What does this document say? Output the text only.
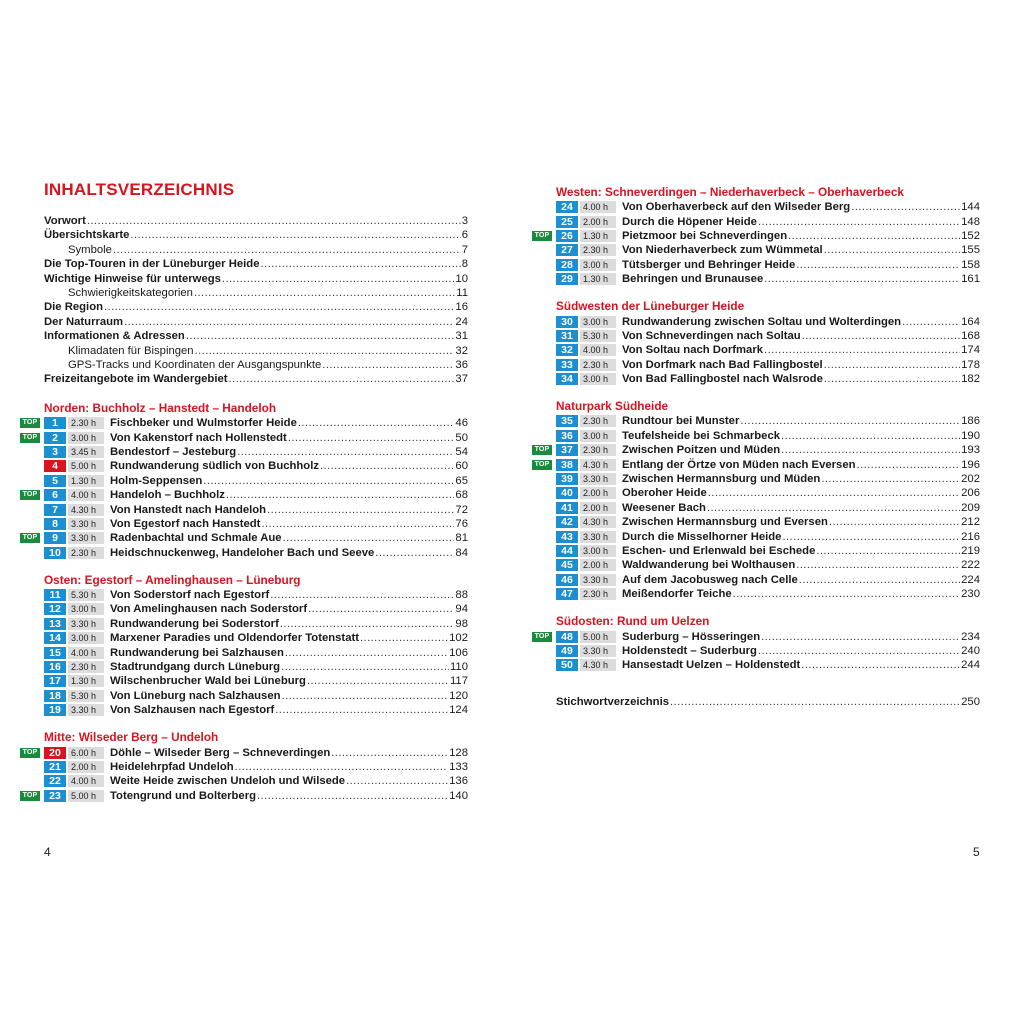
INHALTSVERZEICHNIS
Vorwort .....	3
Übersichtskarte .....	6
Symbole .....	7
Die Top-Touren in der Lüneburger Heide .....	8
Wichtige Hinweise für unterwegs .....	10
Schwierigkeitskategorien .....	11
Die Region .....	16
Der Naturraum .....	24
Informationen & Adressen .....	31
Klimadaten für Bispingen .....	32
GPS-Tracks und Koordinaten der Ausgangspunkte .....	36
Freizeitangebote im Wandergebiet .....	37
Norden: Buchholz – Hanstedt – Handeloh
TOP	1	2.30 h	Fischbeker und Wulmstorfer Heide .....	46
TOP	2	3.00 h	Von Kakenstorf nach Hollenstedt .....	50
3	3.45 h	Bendestorf – Jesteburg .....	54
4	5.00 h	Rundwanderung südlich von Buchholz .....	60
5	1.30 h	Holm-Seppensen .....	65
TOP	6	4.00 h	Handeloh – Buchholz .....	68
7	4.30 h	Von Hanstedt nach Handeloh .....	72
8	3.30 h	Von Egestorf nach Hanstedt .....	76
TOP	9	3.30 h	Radenbachtal und Schmale Aue .....	81
10	2.30 h	Heidschnuckenweg, Handeloher Bach und Seeve .....	84
Osten: Egestorf – Amelinghausen – Lüneburg
11	5.30 h	Von Soderstorf nach Egestorf .....	88
12	3.00 h	Von Amelinghausen nach Soderstorf .....	94
13	3.30 h	Rundwanderung bei Soderstorf .....	98
14	3.00 h	Marxener Paradies und Oldendorfer Totenstatt .....	102
15	4.00 h	Rundwanderung bei Salzhausen .....	106
16	2.30 h	Stadtrundgang durch Lüneburg .....	110
17	1.30 h	Wilschenbrucher Wald bei Lüneburg .....	117
18	5.30 h	Von Lüneburg nach Salzhausen .....	120
19	3.30 h	Von Salzhausen nach Egestorf .....	124
Mitte: Wilseder Berg – Undeloh
TOP	20	6.00 h	Döhle – Wilseder Berg – Schneverdingen .....	128
21	2.00 h	Heidelehrpfad Undeloh .....	133
22	4.00 h	Weite Heide zwischen Undeloh und Wilsede .....	136
TOP	23	5.00 h	Totengrund und Bolterberg .....	140
4
Westen: Schneverdingen – Niederhaverbeck – Oberhaverbeck
24	4.00 h	Von Oberhaverbeck auf den Wilseder Berg .....	144
25	2.00 h	Durch die Höpener Heide .....	148
TOP	26	1.30 h	Pietzmoor bei Schneverdingen .....	152
27	2.30 h	Von Niederhaverbeck zum Wümmetal .....	155
28	3.00 h	Tütsberger und Behringer Heide .....	158
29	1.30 h	Behringen und Brunausee .....	161
Südwesten der Lüneburger Heide
30	3.00 h	Rundwanderung zwischen Soltau und Wolterdingen .....	164
31	5.30 h	Von Schneverdingen nach Soltau .....	168
32	4.00 h	Von Soltau nach Dorfmark .....	174
33	2.30 h	Von Dorfmark nach Bad Fallingbostel .....	178
34	3.00 h	Von Bad Fallingbostel nach Walsrode .....	182
Naturpark Südheide
35	2.30 h	Rundtour bei Munster .....	186
36	3.00 h	Teufelsheide bei Schmarbeck .....	190
TOP	37	2.30 h	Zwischen Poitzen und Müden .....	193
TOP	38	4.30 h	Entlang der Örtze von Müden nach Eversen .....	196
39	3.30 h	Zwischen Hermannsburg und Müden .....	202
40	2.00 h	Oberoher Heide .....	206
41	2.00 h	Weesener Bach .....	209
42	4.30 h	Zwischen Hermannsburg und Eversen .....	212
43	3.30 h	Durch die Misselhorner Heide .....	216
44	3.00 h	Eschen- und Erlenwald bei Eschede .....	219
45	2.00 h	Waldwanderung bei Wolthausen .....	222
46	3.30 h	Auf dem Jacobusweg nach Celle .....	224
47	2.30 h	Meißendorfer Teiche .....	230
Südosten: Rund um Uelzen
TOP	48	5.00 h	Suderburg – Hösseringen .....	234
49	3.30 h	Holdenstedt – Suderburg .....	240
50	4.30 h	Hansestadt Uelzen – Holdenstedt .....	244
Stichwortverzeichnis .....	250
5
